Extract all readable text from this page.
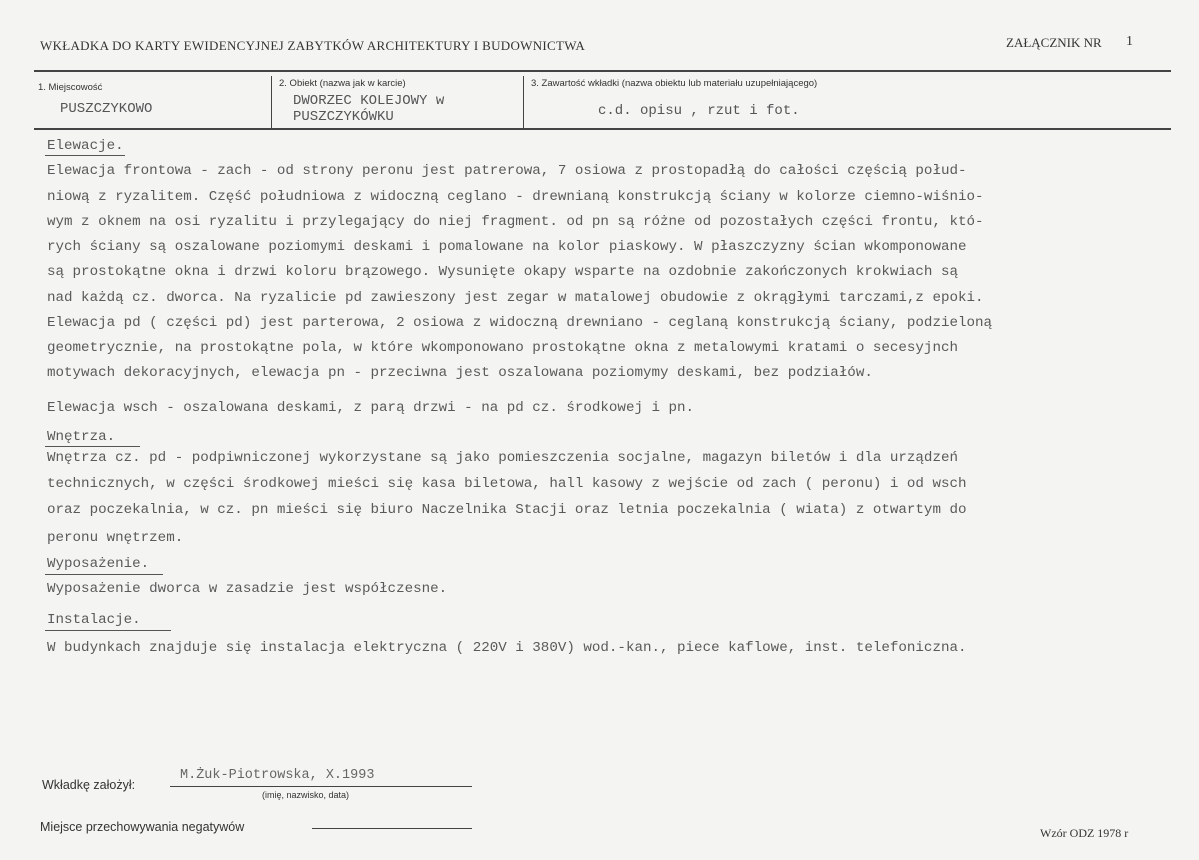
WKŁADKA DO KARTY EWIDENCYJNEJ ZABYTKÓW ARCHITEKTURY I BUDOWNICTWA	ZAŁĄCZNIK NR 1
1. Miejscowość
PUSZCZYKOWO
2. Obiekt (nazwa jak w karcie)
DWORZEC KOLEJOWY w
PUSZCZYKÓWKU
3. Zawartość wkładki (nazwa obiektu lub materiału uzupełniającego)
c.d. opisu , rzut i fot.
Elewacje.
Elewacja frontowa - zach - od strony peronu jest patrerowa, 7 osiowa z prostopadłą do całości częścią połud-
niową z ryzalitem. Część południowa z widoczną ceglano - drewnianą konstrukcją ściany w kolorze ciemno-wiśnio-
wym z oknem na osi ryzalitu i przylegający do niej fragment. od pn są różne od pozostałych części frontu, któ-
rych ściany są oszalowane poziomymi deskami i pomalowane na kolor piaskowy. W płaszczyzny ścian wkomponowane
są prostokątne okna i drzwi koloru brązowego. Wysunięte okapy wsparte na ozdobnie zakończonych krokwiach są
nad każdą cz. dworca. Na ryzalicie pd zawieszony jest zegar w matalowej obudowie z okrągłymi tarczami,z epoki.
Elewacja pd ( części pd) jest parterowa, 2 osiowa z widoczną drewniano - ceglaną konstrukcją ściany, podzieloną
geometrycznie, na prostokątne pola, w które wkomponowano prostokątne okna z metalowymi kratami o secesyjnch
motywach dekoracyjnych, elewacja pn - przeciwna jest oszalowana poziomymy deskami, bez podziałów.
Elewacja wsch - oszalowana deskami, z parą drzwi - na pd cz. środkowej i pn.
Wnętrza.
Wnętrza cz. pd - podpiwniczonej wykorzystane są jako pomieszczenia socjalne, magazyn biletów i dla urządzeń
technicznych, w części środkowej mieści się kasa biletowa, hall kasowy z wejście od zach ( peronu) i od wsch
oraz poczekalnia, w cz. pn mieści się biuro Naczelnika Stacji oraz letnia poczekalnia ( wiata) z otwartym do
peronu wnętrzem.
Wyposażenie.
Wyposażenie dworca w zasadzie jest współczesne.
Instalacje.
W budynkach znajduje się instalacja elektryczna ( 220V i 380V) wod.-kan., piece kaflowe, inst. telefoniczna.
Wkładkę założył:
M.Żuk-Piotrowska, X.1993
(imię, nazwisko, data)
Miejsce przechowywania negatywów	Wzór ODZ 1978 r
